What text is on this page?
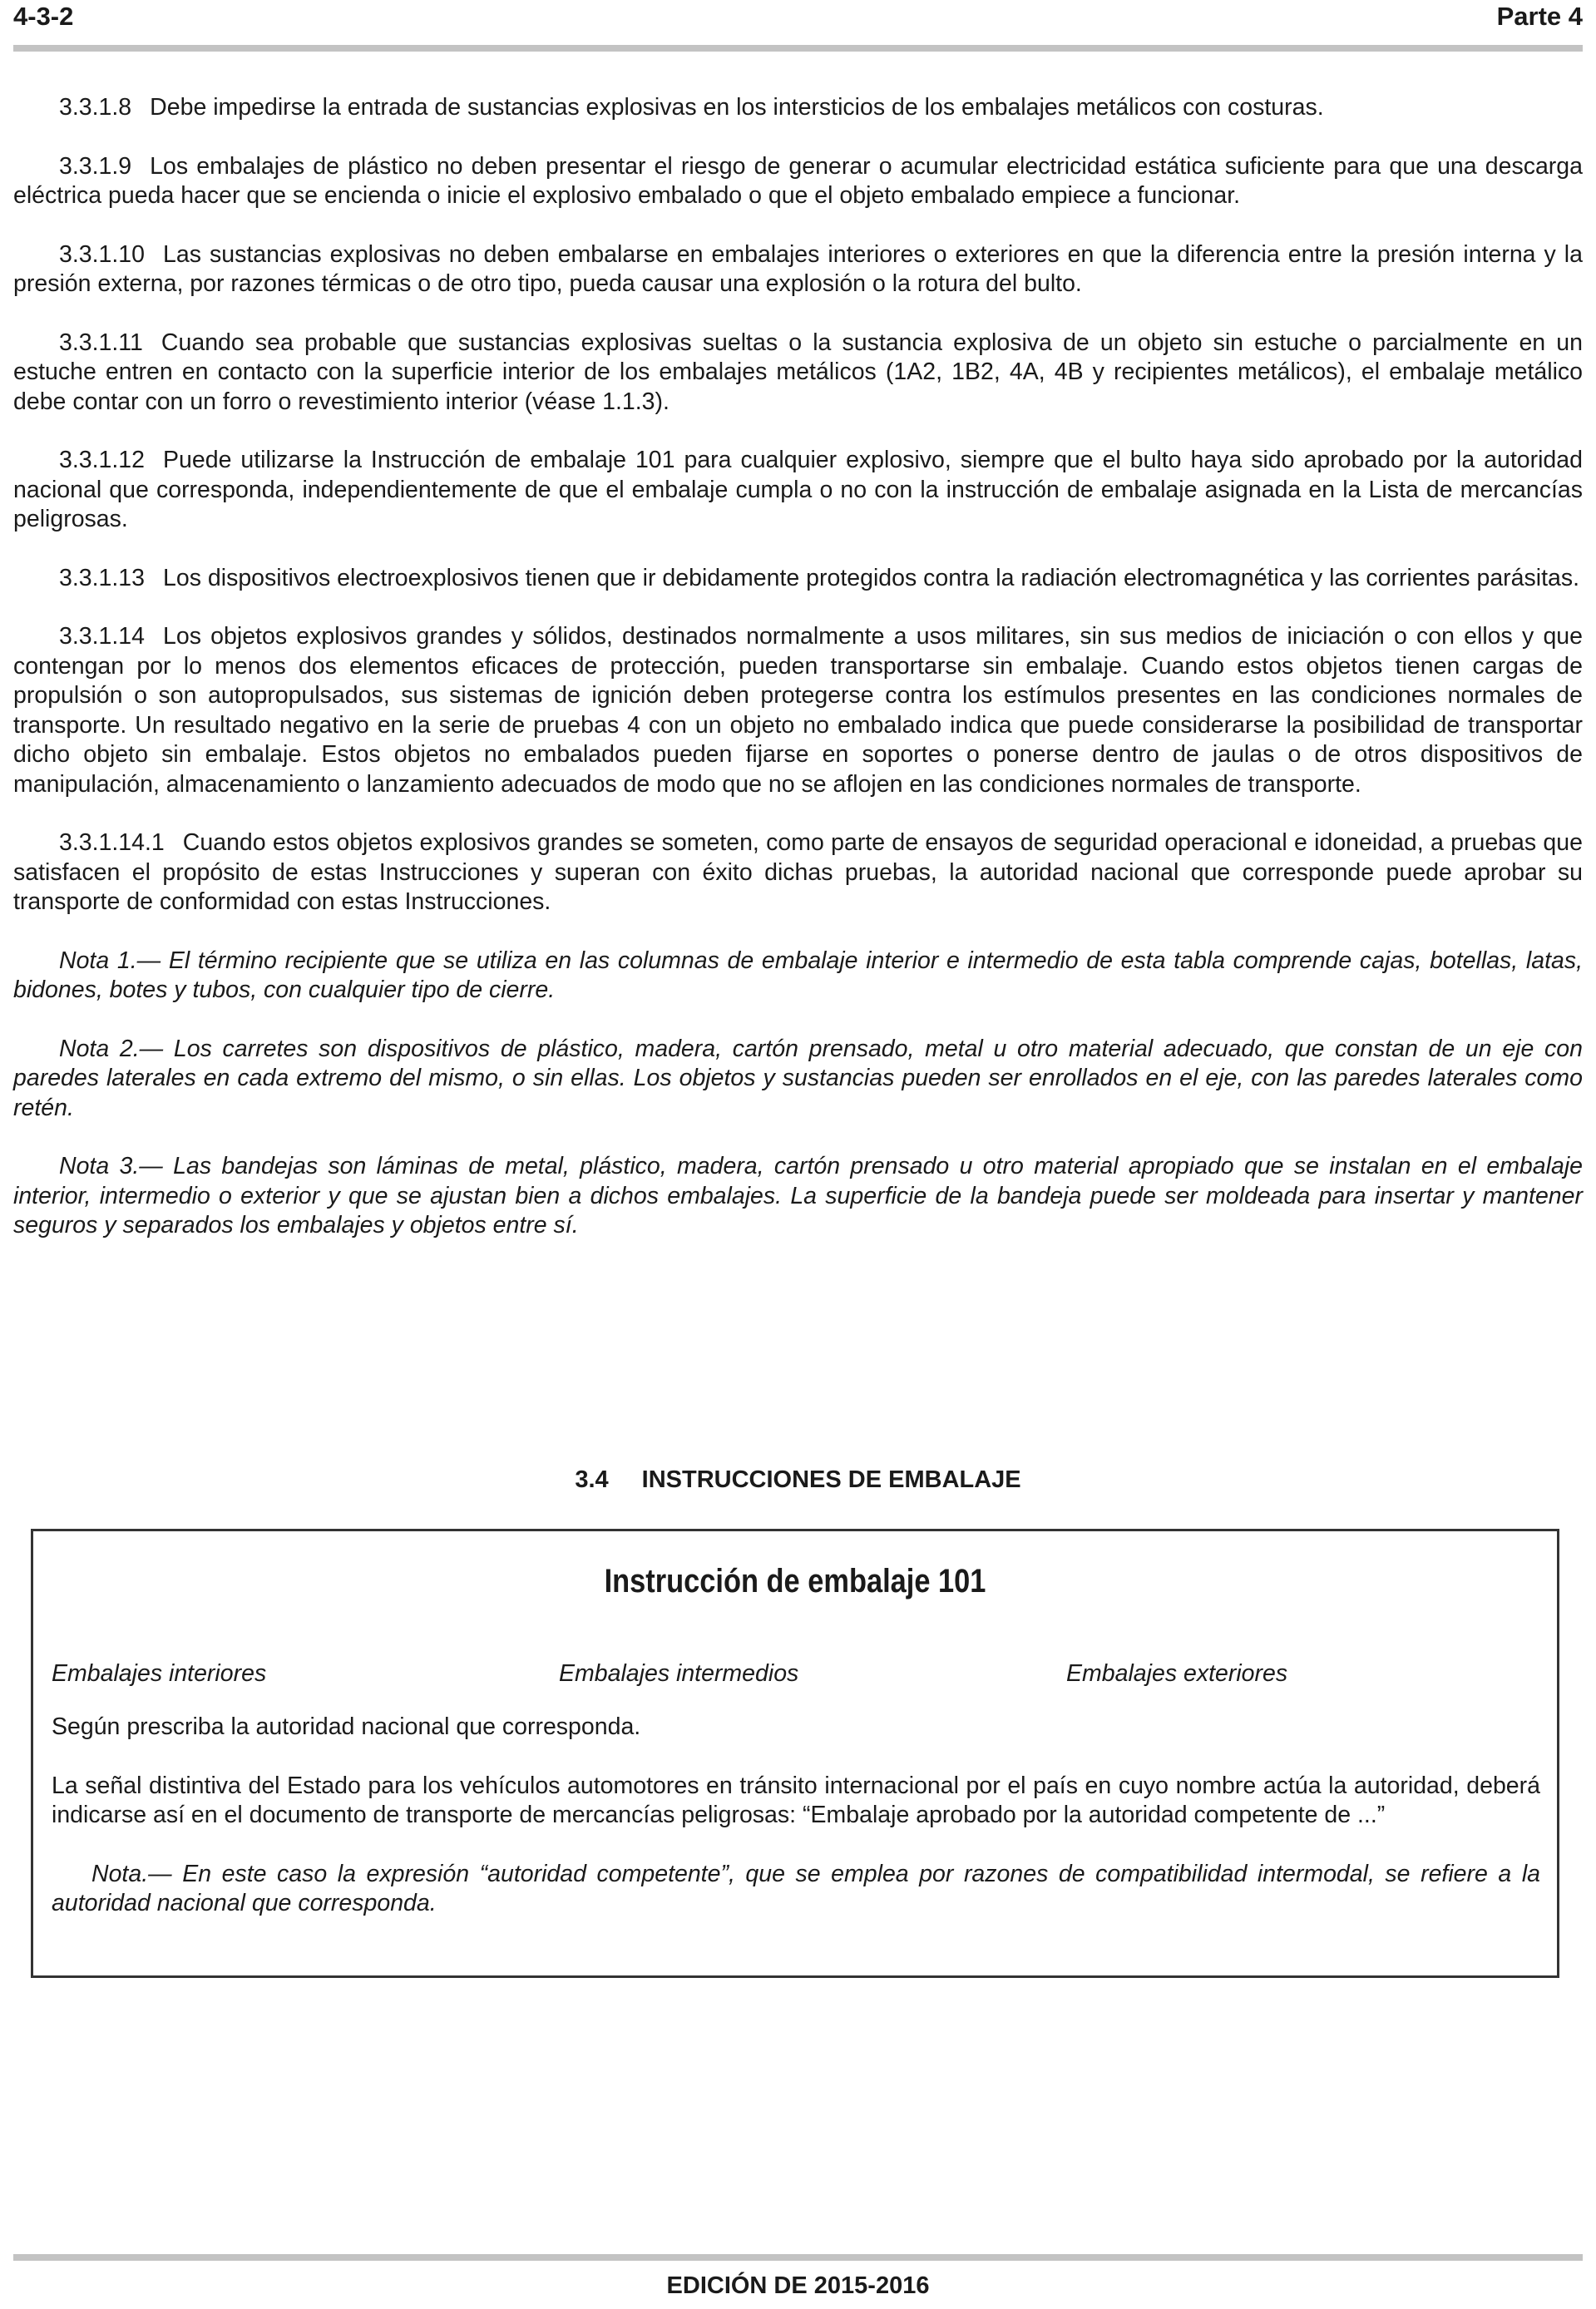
4-3-2	Parte 4

3.3.1.8 Debe impedirse la entrada de sustancias explosivas en los intersticios de los embalajes metálicos con costuras.

3.3.1.9 Los embalajes de plástico no deben presentar el riesgo de generar o acumular electricidad estática suficiente para que una descarga eléctrica pueda hacer que se encienda o inicie el explosivo embalado o que el objeto embalado empiece a funcionar.

3.3.1.10 Las sustancias explosivas no deben embalarse en embalajes interiores o exteriores en que la diferencia entre la presión interna y la presión externa, por razones térmicas o de otro tipo, pueda causar una explosión o la rotura del bulto.

3.3.1.11 Cuando sea probable que sustancias explosivas sueltas o la sustancia explosiva de un objeto sin estuche o parcialmente en un estuche entren en contacto con la superficie interior de los embalajes metálicos (1A2, 1B2, 4A, 4B y recipientes metálicos), el embalaje metálico debe contar con un forro o revestimiento interior (véase 1.1.3).

3.3.1.12 Puede utilizarse la Instrucción de embalaje 101 para cualquier explosivo, siempre que el bulto haya sido aprobado por la autoridad nacional que corresponda, independientemente de que el embalaje cumpla o no con la instrucción de embalaje asignada en la Lista de mercancías peligrosas.

3.3.1.13 Los dispositivos electroexplosivos tienen que ir debidamente protegidos contra la radiación electromagnética y las corrientes parásitas.

3.3.1.14 Los objetos explosivos grandes y sólidos, destinados normalmente a usos militares, sin sus medios de iniciación o con ellos y que contengan por lo menos dos elementos eficaces de protección, pueden transportarse sin embalaje. Cuando estos objetos tienen cargas de propulsión o son autopropulsados, sus sistemas de ignición deben protegerse contra los estímulos presentes en las condiciones normales de transporte. Un resultado negativo en la serie de pruebas 4 con un objeto no embalado indica que puede considerarse la posibilidad de transportar dicho objeto sin embalaje. Estos objetos no embalados pueden fijarse en soportes o ponerse dentro de jaulas o de otros dispositivos de manipulación, almacenamiento o lanzamiento adecuados de modo que no se aflojen en las condiciones normales de transporte.

3.3.1.14.1 Cuando estos objetos explosivos grandes se someten, como parte de ensayos de seguridad operacional e idoneidad, a pruebas que satisfacen el propósito de estas Instrucciones y superan con éxito dichas pruebas, la autoridad nacional que corresponde puede aprobar su transporte de conformidad con estas Instrucciones.

Nota 1.— El término recipiente que se utiliza en las columnas de embalaje interior e intermedio de esta tabla comprende cajas, botellas, latas, bidones, botes y tubos, con cualquier tipo de cierre.

Nota 2.— Los carretes son dispositivos de plástico, madera, cartón prensado, metal u otro material adecuado, que constan de un eje con paredes laterales en cada extremo del mismo, o sin ellas. Los objetos y sustancias pueden ser enrollados en el eje, con las paredes laterales como retén.

Nota 3.— Las bandejas son láminas de metal, plástico, madera, cartón prensado u otro material apropiado que se instalan en el embalaje interior, intermedio o exterior y que se ajustan bien a dichos embalajes. La superficie de la bandeja puede ser moldeada para insertar y mantener seguros y separados los embalajes y objetos entre sí.

3.4 INSTRUCCIONES DE EMBALAJE
Instrucción de embalaje 101
Embalajes interiores	Embalajes intermedios	Embalajes exteriores

Según prescriba la autoridad nacional que corresponda.

La señal distintiva del Estado para los vehículos automotores en tránsito internacional por el país en cuyo nombre actúa la autoridad, deberá indicarse así en el documento de transporte de mercancías peligrosas: “Embalaje aprobado por la autoridad competente de ...”

Nota.— En este caso la expresión “autoridad competente”, que se emplea por razones de compatibilidad intermodal, se refiere a la autoridad nacional que corresponda.

EDICIÓN DE 2015-2016
